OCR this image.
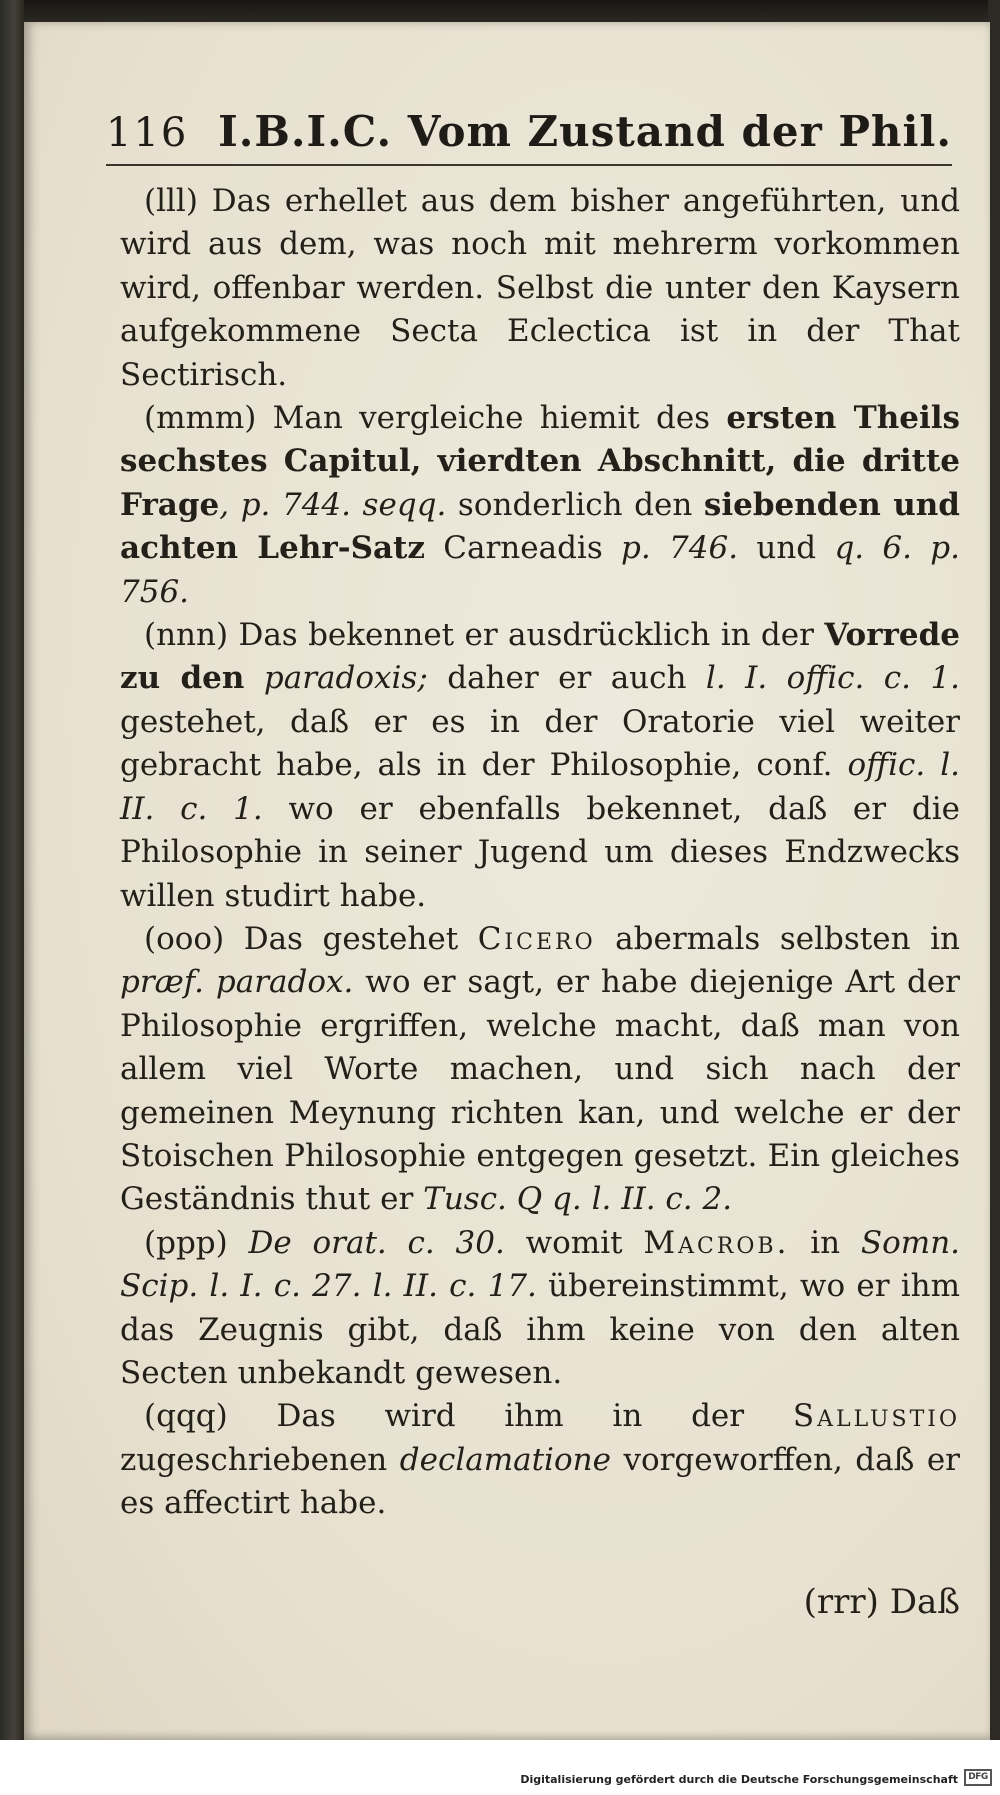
116 I.B.I.C. Vom Zustand der Phil.

(lll) Das erhellet aus dem bisher angeführten, und wird aus dem, was noch mit mehrerm vorkommen wird, offenbar werden. Selbst die unter den Kaysern aufgekommene Secta Eclectica ist in der That Sectirisch.

(mmm) Man vergleiche hiemit des ersten Theils sechstes Capitul, vierdten Abschnitt, die dritte Frage, p. 744. seqq. sonderlich den siebenden und achten Lehr-Satz Carneadis p. 746. und q. 6. p. 756.

(nnn) Das bekennet er ausdrücklich in der Vorrede zu den paradoxis; daher er auch l. I. offic. c. 1. gestehet, daß er es in der Oratorie viel weiter gebracht habe, als in der Philosophie, conf. offic. l. II. c. 1. wo er ebenfalls bekennet, daß er die Philosophie in seiner Jugend um dieses Endzwecks willen studirt habe.

(ooo) Das gestehet Cicero abermals selbsten in præf. paradox. wo er sagt, er habe diejenige Art der Philosophie ergriffen, welche macht, daß man von allem viel Worte machen, und sich nach der gemeinen Meynung richten kan, und welche er der Stoischen Philosophie entgegen gesetzt. Ein gleiches Geständnis thut er Tusc. Q q. l. II. c. 2.

(ppp) De orat. c. 30. womit Macrob. in Somn. Scip. l. I. c. 27. l. II. c. 17. übereinstimmt, wo er ihm das Zeugnis gibt, daß ihm keine von den alten Secten unbekandt gewesen.

(qqq) Das wird ihm in der Sallustio zugeschriebenen declamatione vorgeworffen, daß er es affectirt habe.

(rrr) Daß
Digitalisierung gefördert durch die Deutsche Forschungsgemeinschaft	DFG
